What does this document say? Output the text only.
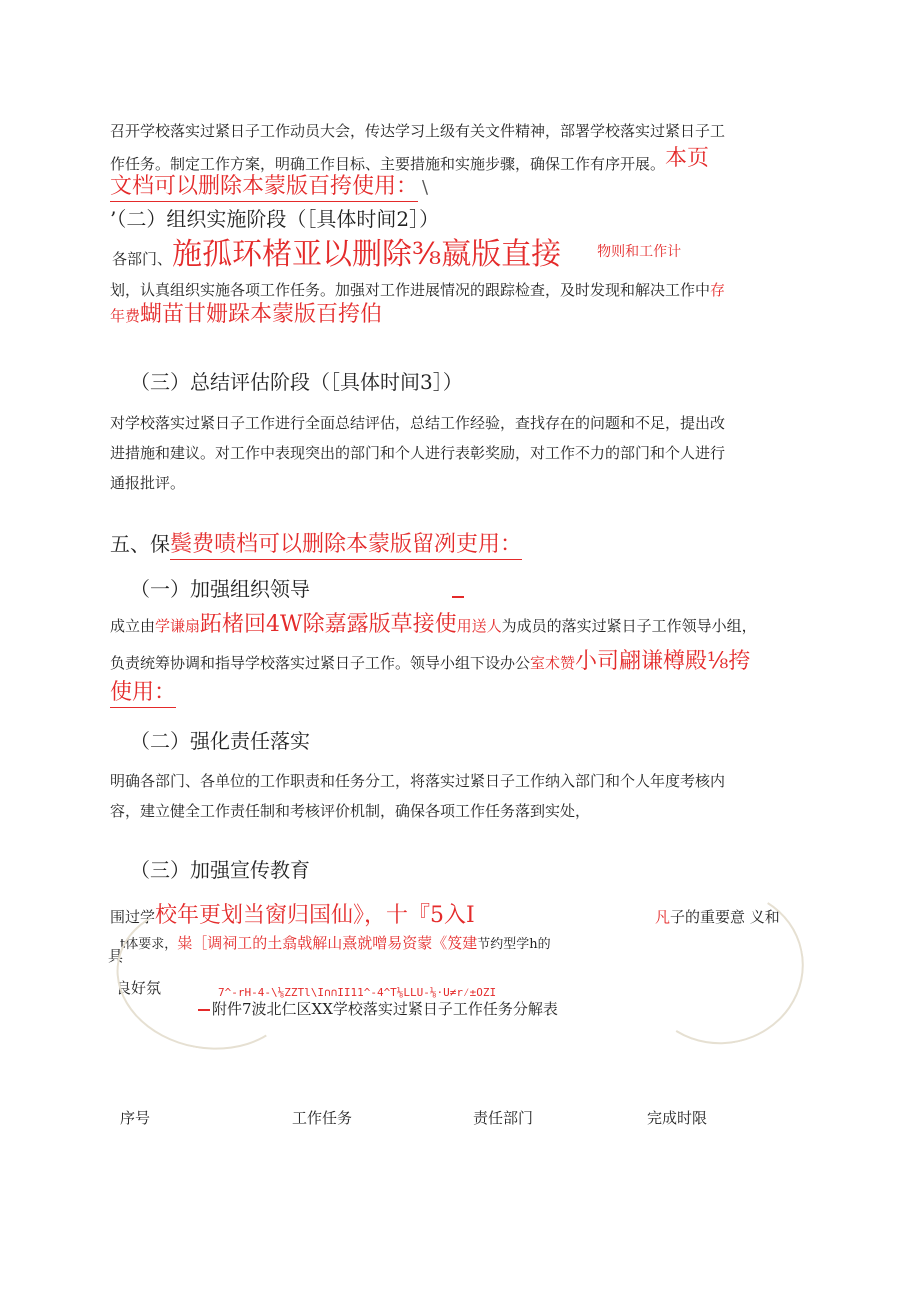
召开学校落实过紧日子工作动员大会，传达学习上级有关文件精神，部署学校落实过紧日子工
作任务。制定工作方案，明确工作目标、主要措施和实施步骤，确保工作有序开展。本页
文档可以删除本蒙版百挎使用： \
’（二）组织实施阶段（［具体时间2］）
各部门、施孤环楮亚以删除⅜嬴版直接	物则和工作计
划，认真组织实施各项工作任务。加强对工作进展情况的跟踪检查，及时发现和解决工作中存
年费蝴苗甘姗跺本蒙版百挎伯
（三）总结评估阶段（［具体时间3］）
对学校落实过紧日子工作进行全面总结评估，总结工作经验，查找存在的问题和不足，提出改
进措施和建议。对工作中表现突出的部门和个人进行表彰奖励，对工作不力的部门和个人进行
通报批评。
五、保鬓费啧档可以删除本蒙版留冽吏用：
（一）加强组织领导
成立由学谦扇跖楮回4W除嘉露版草接使用送人为成员的落实过紧日子工作领导小组，
负责统筹协调和指导学校落实过紧日子工作。领导小组下设办公室术赞小司翩谦樽殿⅛挎
使用：
（二）强化责任落实
明确各部门、各单位的工作职责和任务分工，将落实过紧日子工作纳入部门和个人年度考核内
容，建立健全工作责任制和考核评价机制，确保各项工作任务落到实处，
（三）加强宣传教育
围过学校年更划当窗归国仙》，十『5入I	凡子的重要意 义和
具
t体要求，粜［调祠工的土翕㦸解山熹就噌易资蒙《笈建节约型学h的
良好氛	7^-rH-4-\⅛ZZTl\I∩∩II11^-4^T⅛LLU-⅛·U≠r⁄±OZI
附件7波北仁区XX学校落实过紧日子工作任务分解表
序号	工作任务	责任部门	完成时限
